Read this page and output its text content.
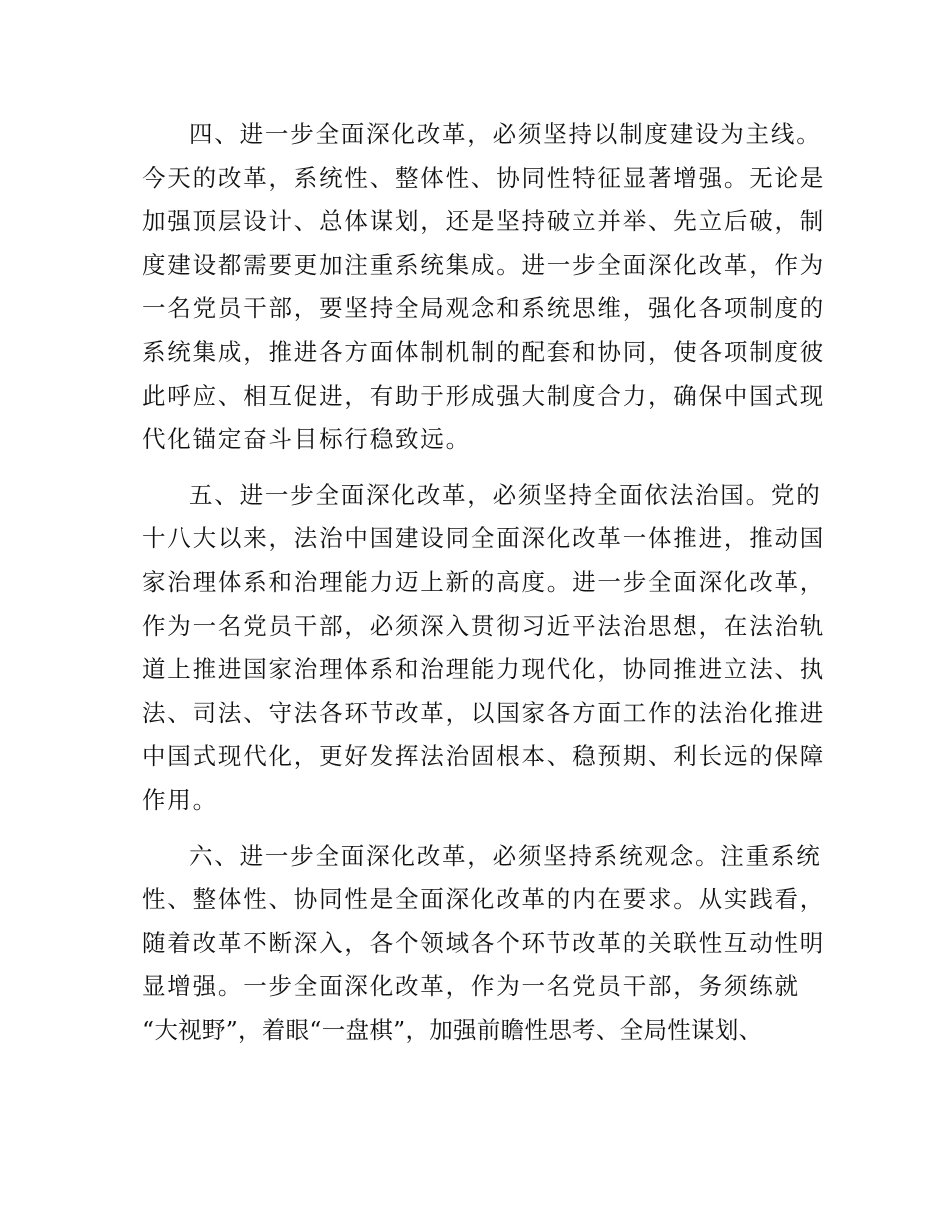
四、进一步全面深化改革，必须坚持以制度建设为主线。
今天的改革，系统性、整体性、协同性特征显著增强。无论是
加强顶层设计、总体谋划，还是坚持破立并举、先立后破，制
度建设都需要更加注重系统集成。进一步全面深化改革，作为
一名党员干部，要坚持全局观念和系统思维，强化各项制度的
系统集成，推进各方面体制机制的配套和协同，使各项制度彼
此呼应、相互促进，有助于形成强大制度合力，确保中国式现
代化锚定奋斗目标行稳致远。
五、进一步全面深化改革，必须坚持全面依法治国。党的
十八大以来，法治中国建设同全面深化改革一体推进，推动国
家治理体系和治理能力迈上新的高度。进一步全面深化改革，
作为一名党员干部，必须深入贯彻习近平法治思想，在法治轨
道上推进国家治理体系和治理能力现代化，协同推进立法、执
法、司法、守法各环节改革，以国家各方面工作的法治化推进
中国式现代化，更好发挥法治固根本、稳预期、利长远的保障
作用。
六、进一步全面深化改革，必须坚持系统观念。注重系统
性、整体性、协同性是全面深化改革的内在要求。从实践看，
随着改革不断深入，各个领域各个环节改革的关联性互动性明
显增强。一步全面深化改革，作为一名党员干部，务须练就
“大视野”，着眼“一盘棋”，加强前瞻性思考、全局性谋划、
